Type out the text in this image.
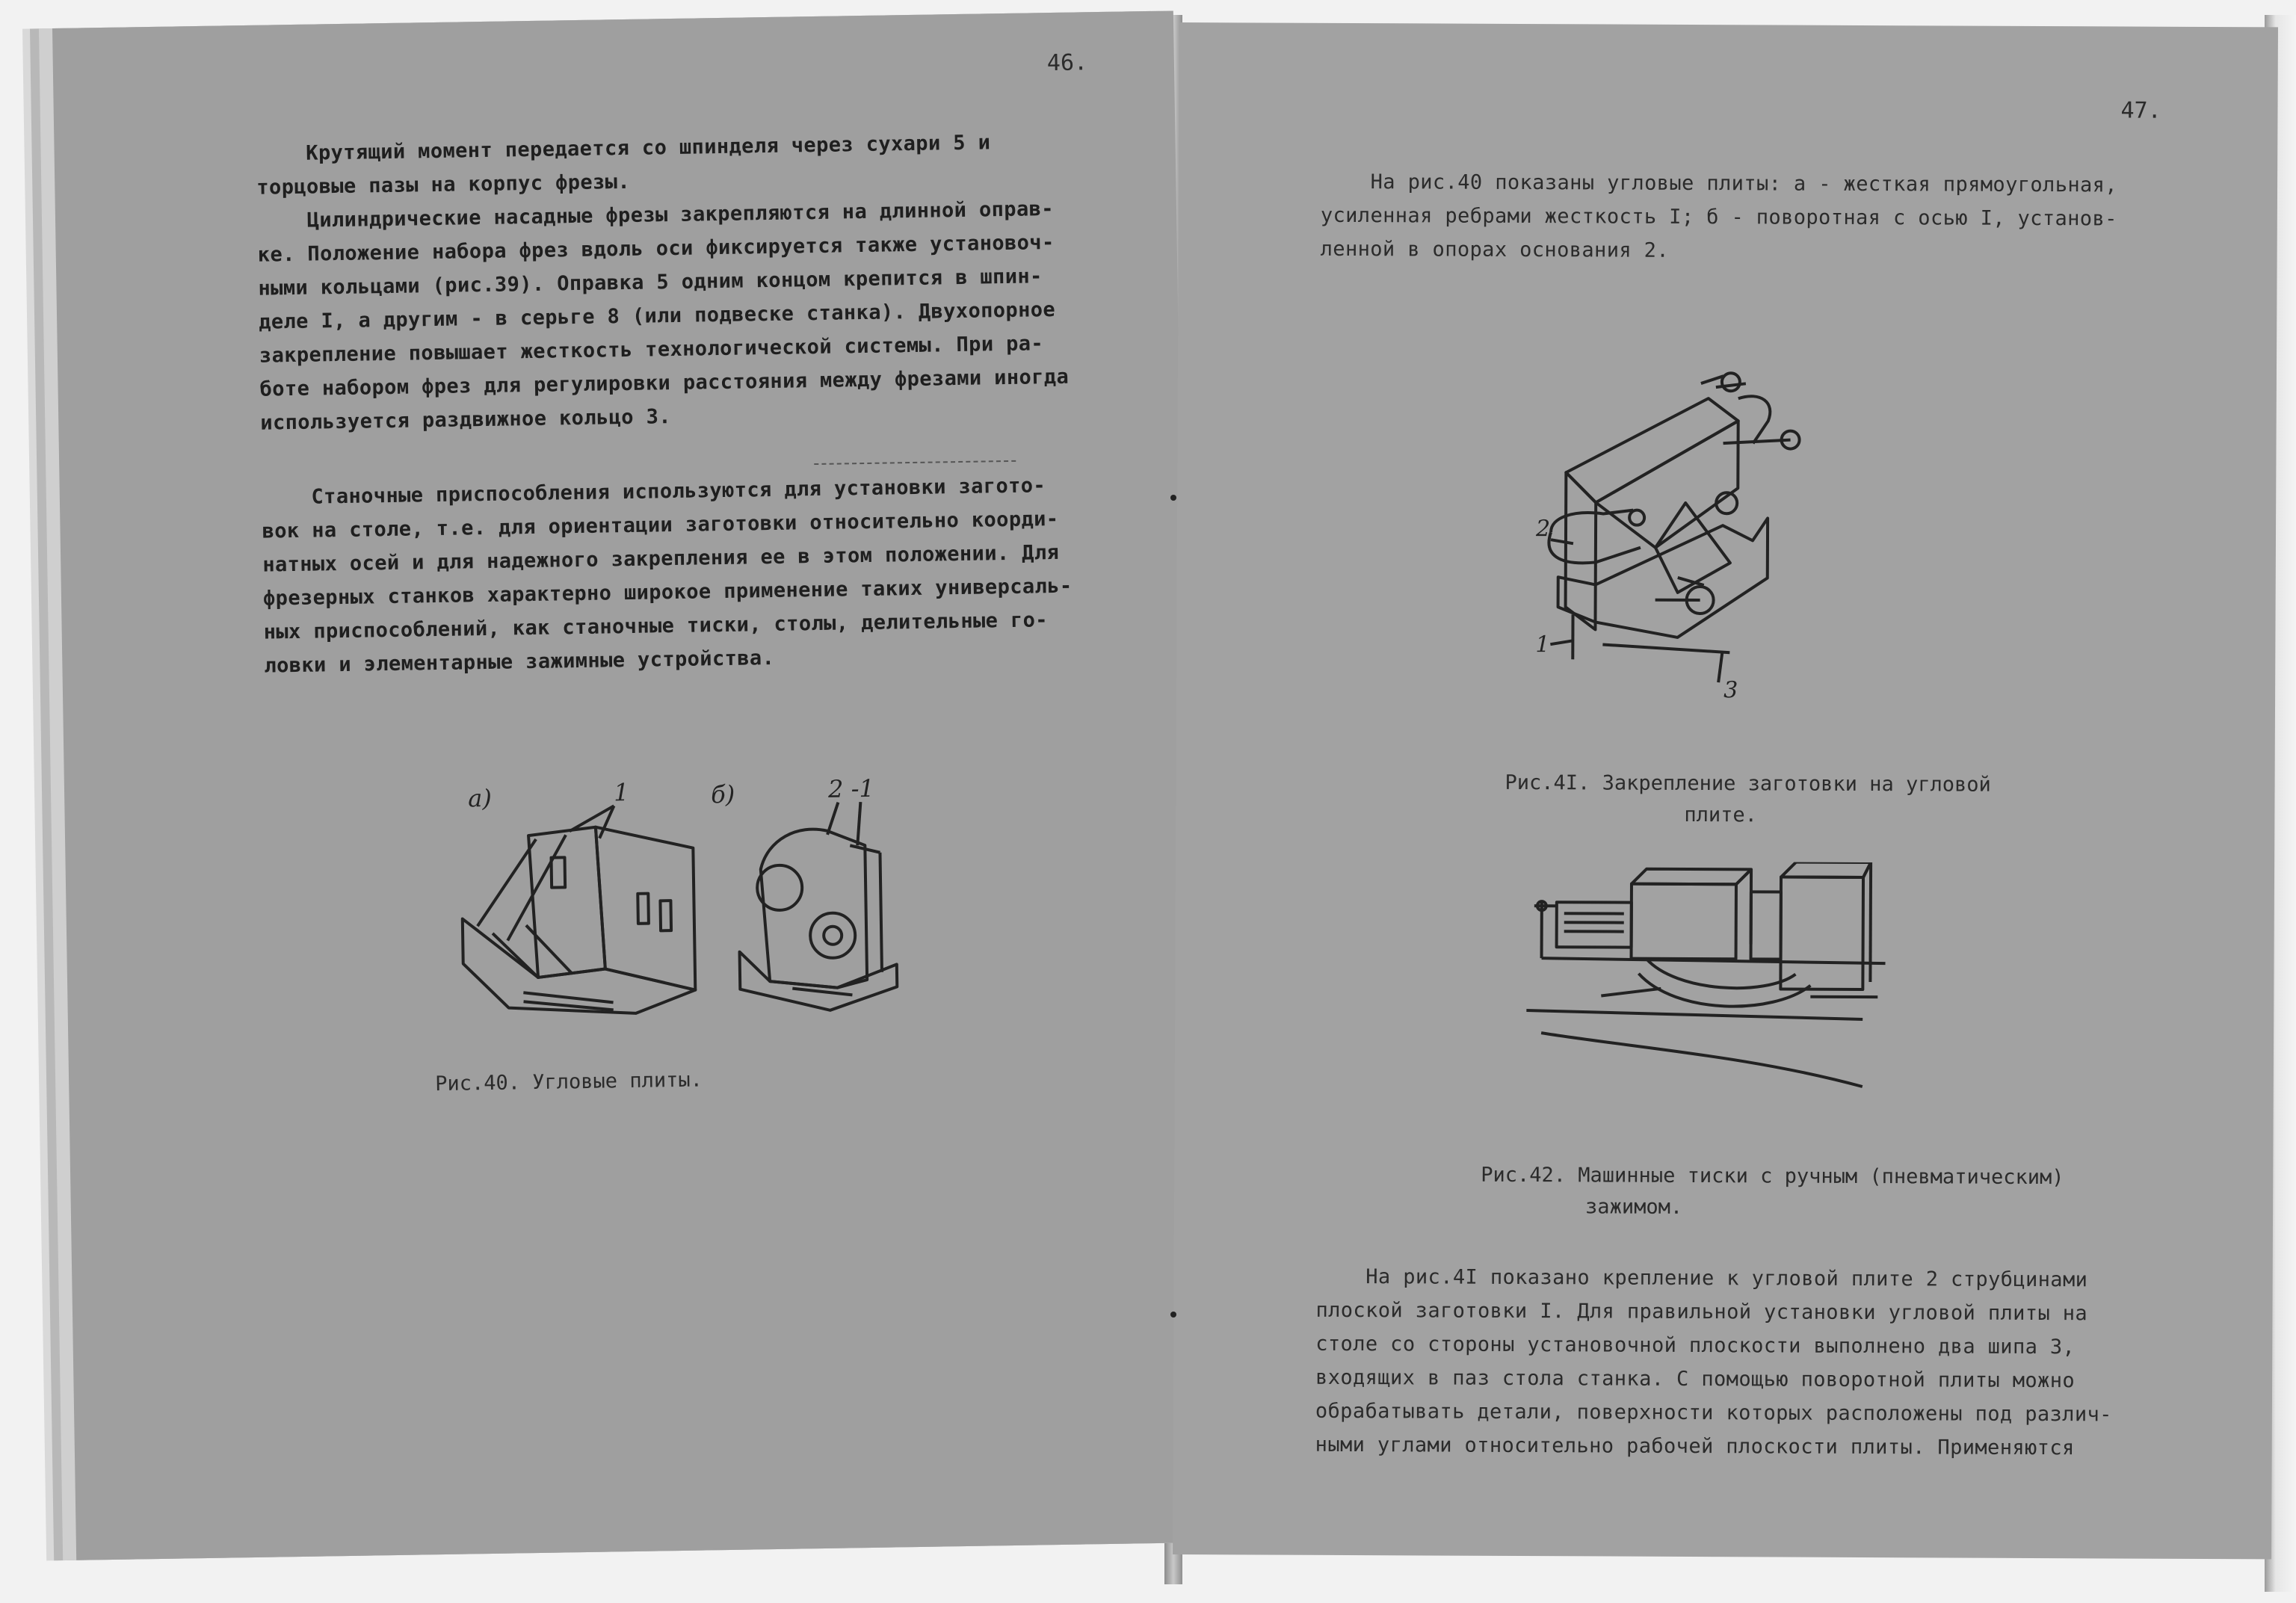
46.

Крутящий момент передается со шпинделя через сухари 5 и

торцовые пазы на корпус фрезы.

Цилиндрические насадные фрезы закрепляются на длинной оправ-

ке. Положение набора фрез вдоль оси фиксируется также установоч-

ными кольцами (рис.39). Оправка 5 одним концом крепится в шпин-

деле I, а другим - в серьге 8 (или подвеске станка). Двухопорное

закрепление повышает жесткость технологической системы. При ра-

боте набором фрез для регулировки расстояния между фрезами иногда

используется раздвижное кольцо 3.

Станочные приспособления используются для установки загото-

вок на столе, т.е. для ориентации заготовки относительно коорди-

натных осей и для надежного закрепления ее в этом положении. Для

фрезерных станков характерно широкое применение таких универсаль-

ных приспособлений, как станочные тиски, столы, делительные го-

ловки и элементарные зажимные устройства.

а)	б)
1	2 -1
Рис.40. Угловые плиты.
47.

На рис.40 показаны угловые плиты: а - жесткая прямоугольная,

усиленная ребрами жесткость I; б - поворотная с осью I, установ-

ленной в опорах основания 2.

2
1
3
Рис.4I. Закрепление заготовки на угловой
плите.
Рис.42. Машинные тиски с ручным (пневматическим)
зажимом.

На рис.4I показано крепление к угловой плите 2 струбцинами

плоской заготовки I. Для правильной установки угловой плиты на

столе со стороны установочной плоскости выполнено два шипа 3,

входящих в паз стола станка. С помощью поворотной плиты можно

обрабатывать детали, поверхности которых расположены под различ-

ными углами относительно рабочей плоскости плиты. Применяются
